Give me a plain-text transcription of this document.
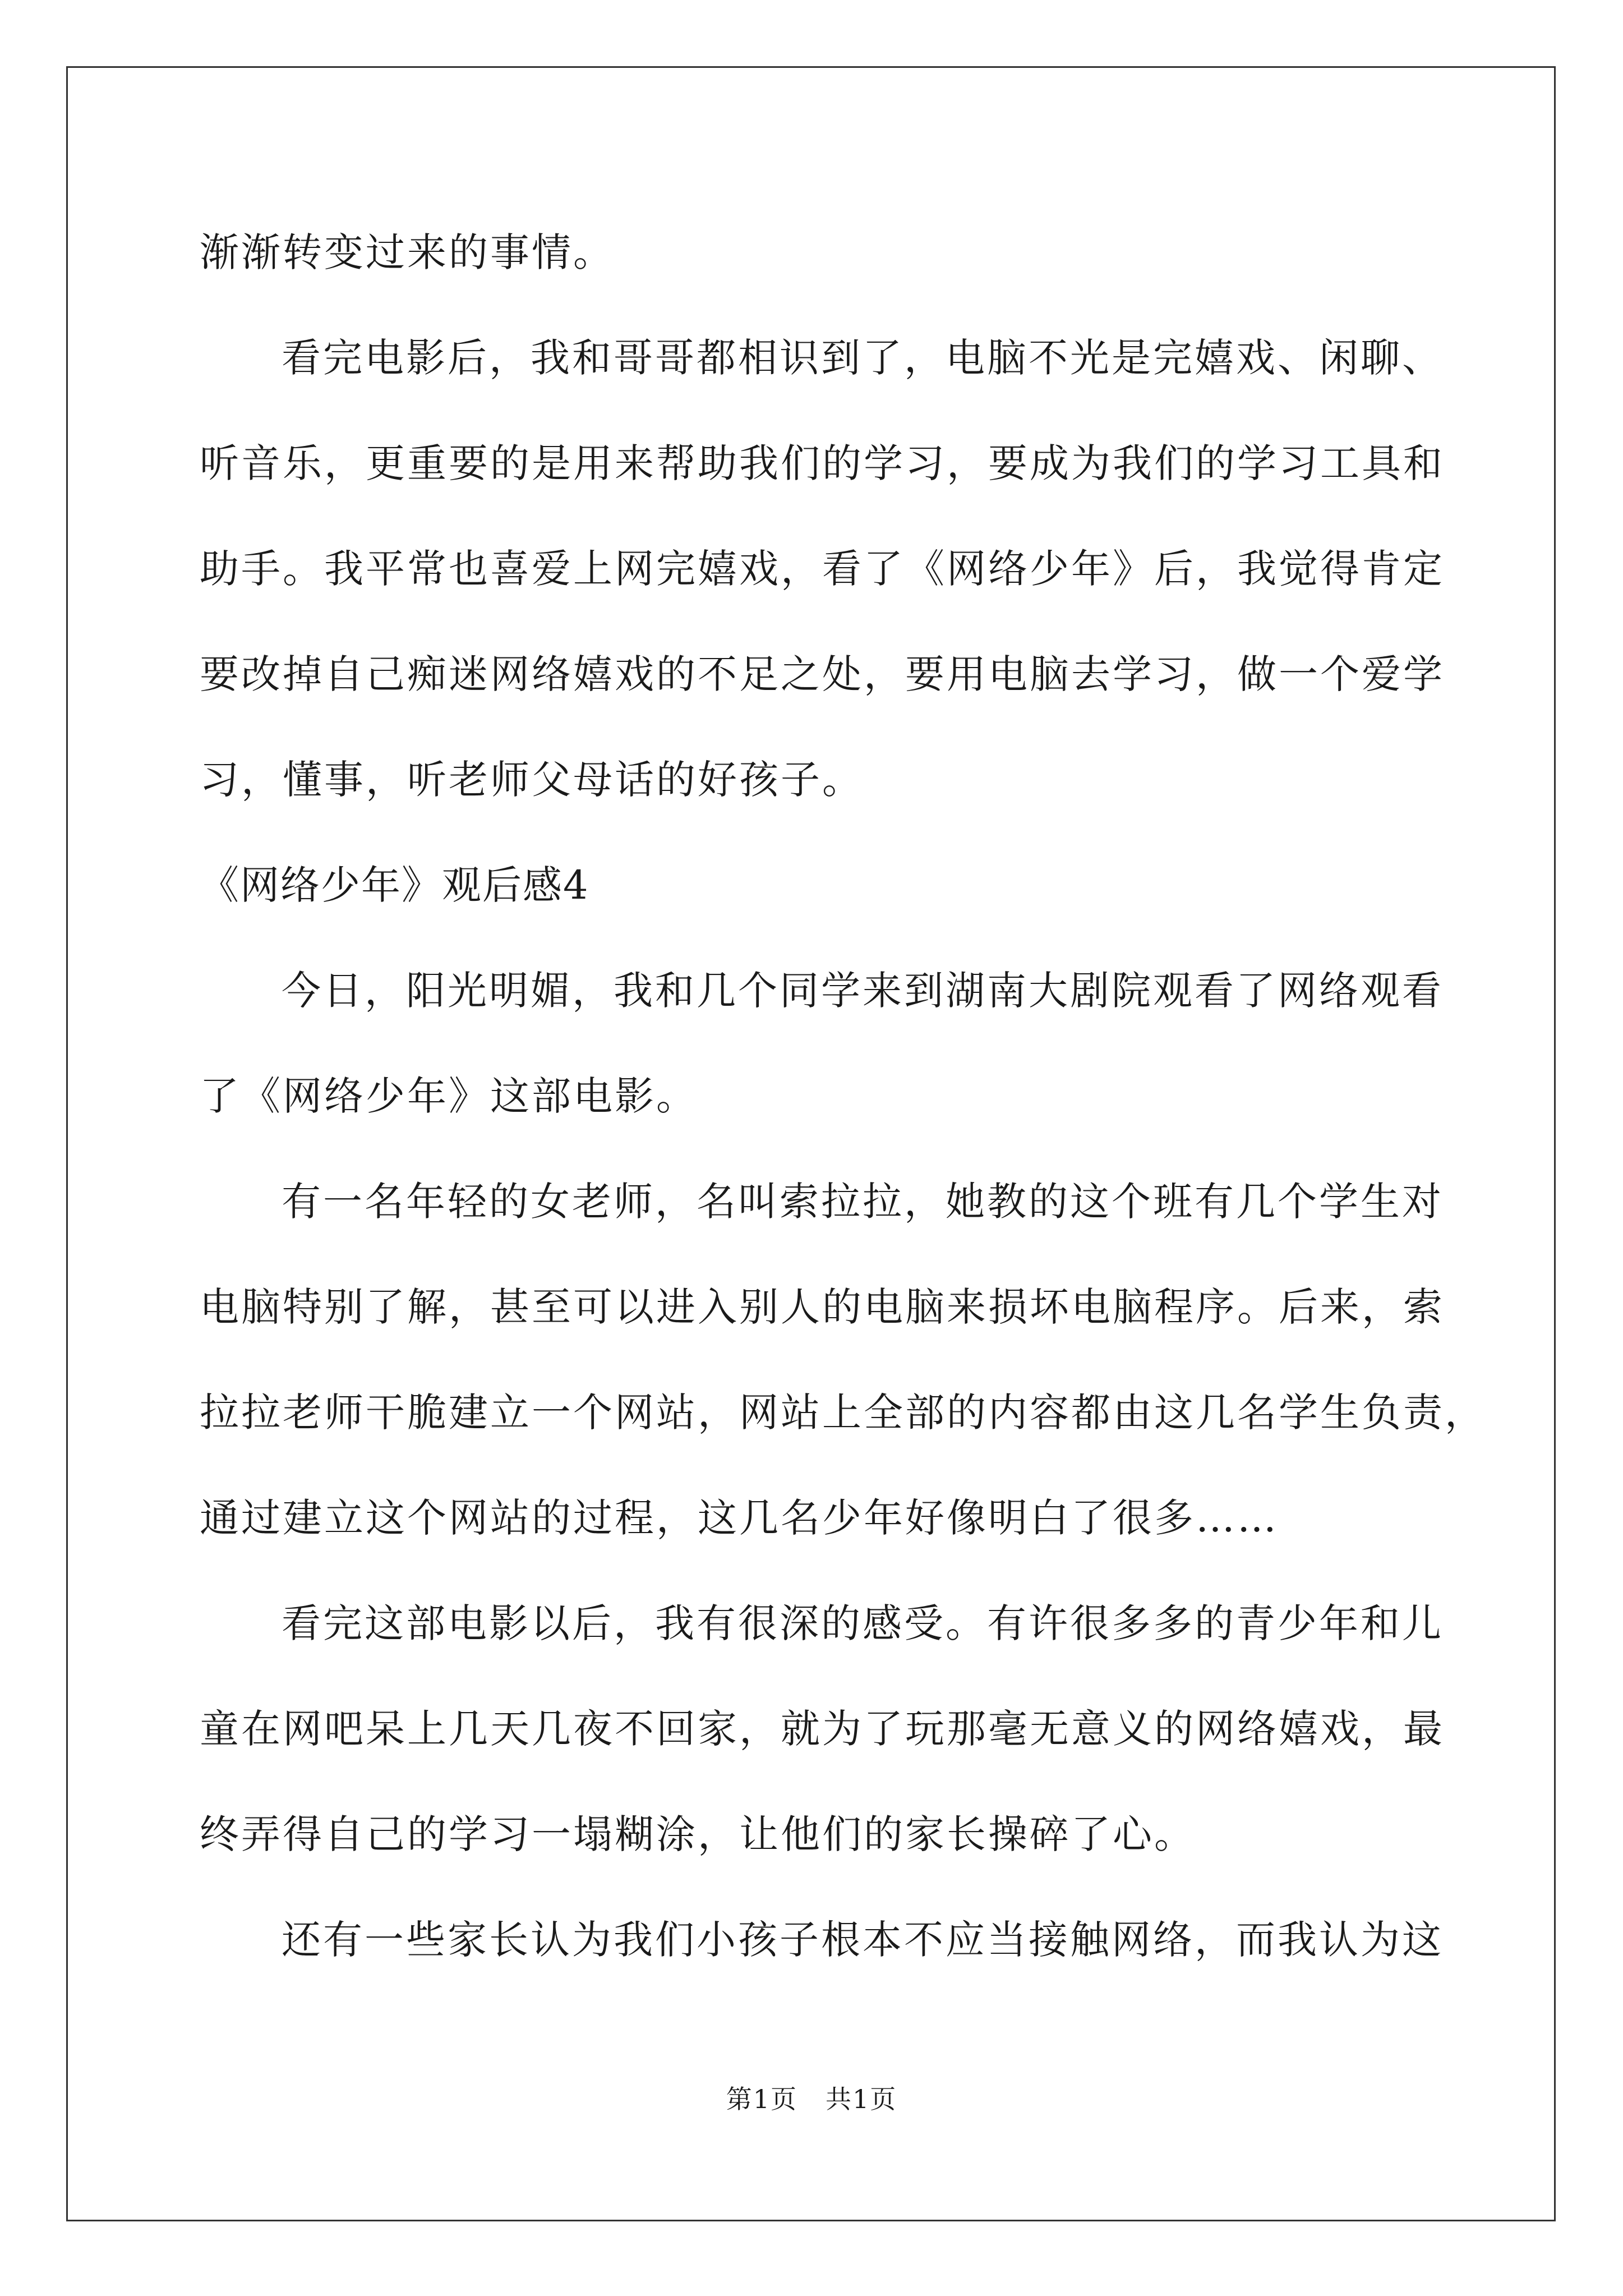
渐渐转变过来的事情。
看完电影后，我和哥哥都相识到了，电脑不光是完嬉戏、闲聊、
听音乐，更重要的是用来帮助我们的学习，要成为我们的学习工具和
助手。我平常也喜爱上网完嬉戏，看了《网络少年》后，我觉得肯定
要改掉自己痴迷网络嬉戏的不足之处，要用电脑去学习，做一个爱学
习，懂事，听老师父母话的好孩子。
《网络少年》观后感4
今日，阳光明媚，我和几个同学来到湖南大剧院观看了网络观看
了《网络少年》这部电影。
有一名年轻的女老师，名叫索拉拉，她教的这个班有几个学生对
电脑特别了解，甚至可以进入别人的电脑来损坏电脑程序。后来，索
拉拉老师干脆建立一个网站，网站上全部的内容都由这几名学生负责，
通过建立这个网站的过程，这几名少年好像明白了很多……
看完这部电影以后，我有很深的感受。有许很多多的青少年和儿
童在网吧呆上几天几夜不回家，就为了玩那毫无意义的网络嬉戏，最
终弄得自己的学习一塌糊涂，让他们的家长操碎了心。
还有一些家长认为我们小孩子根本不应当接触网络，而我认为这
第1页 共1页
